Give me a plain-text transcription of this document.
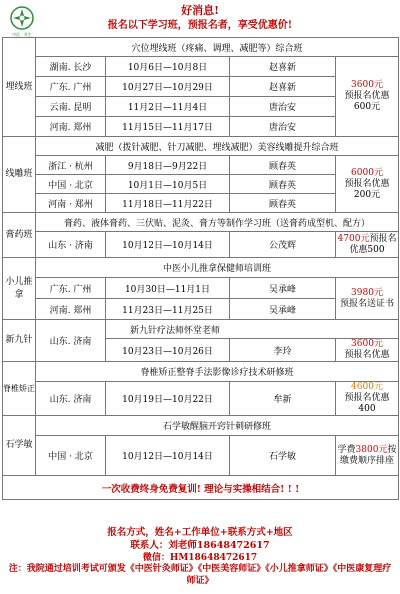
中医 · 养生
好消息!
报名以下学习班，预报名者，享受优惠价!
埋线班	穴位埋线班（疼痛、调理、减肥等）综合班			
	湖南. 长沙	10月6日—10月8日	赵喜新	3600元
预报名优惠
600元
	广东. 广州	10月27日—10月29日	赵喜新	
	云南. 昆明	11月2日—11月4日	唐治安	
	河南. 郑州	11月15日—11月17日	唐治安	
线雕班	减肥（拨针减肥、针刀减肥、埋线减肥）美容线雕提升综合班			
	浙江 · 杭州	9月18日—9月22日	顾春英	6000元
预报名优惠
200元
	中国 · 北京	10月1日—10月5日	顾春英	
	河南 · 郑州	11月18日—11月22日	顾春英	
膏药班	膏药、液体膏药、三伏贴、泥灸、膏方等制作学习班（送膏药成型机、配方）			
	山东 · 济南	10月12日—10月14日	公茂辉	4700元预报名
优惠500
小儿推拿	中医小儿推拿保健师培训班			
	广东. 广州	10月30日—11月1日	吴承峰	3980元
预报名送证书
	河南. 郑州	11月23日—11月25日	吴承峰	
新九针	山东. 济南	新九针疗法师怀堂老师		
		10月23日—10月26日	李玲	3600元
预报名优惠
脊椎矫正	脊椎矫正整脊手法影像诊疗技术研修班			
	山东. 济南	10月19日—10月22日	牟新	4600元
预报名优惠400
石学敏	石学敏醒脑开窍针刺研修班			
	中国 · 北京	10月12日—10月14日	石学敏	学费3800元按
缴费顺序排座
一次收费终身免费复训! 理论与实操相结合! ! !				
报名方式，姓名+工作单位+联系方式+地区
联系人：刘老师18648472617
微信：HM18648472617
注：我院通过培训考试可颁发《中医针灸师证》《中医美容师证》《小儿推拿师证》《中医康复理疗师证》
